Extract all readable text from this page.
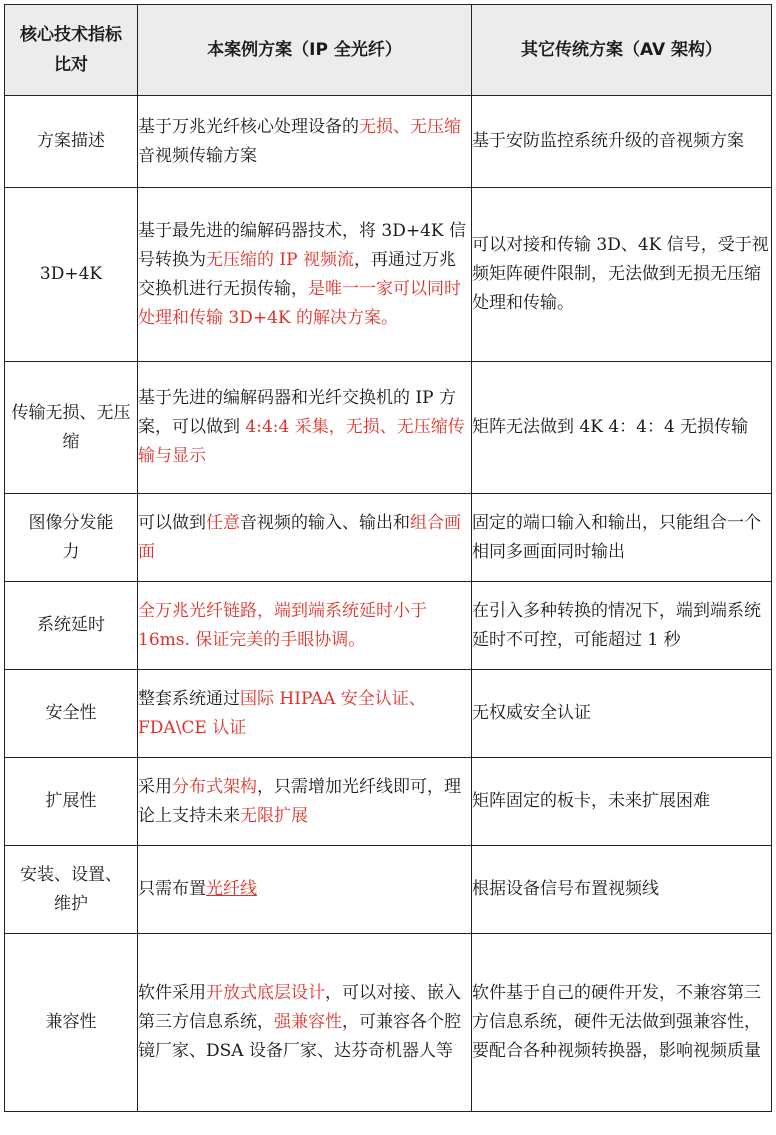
核心技术指标比对	本案例方案（IP 全光纤）	其它传统方案（AV 架构）
方案描述	基于万兆光纤核心处理设备的无损、无压缩音视频传输方案	基于安防监控系统升级的音视频方案
3D+4K	基于最先进的编解码器技术，将 3D+4K 信号转换为无压缩的 IP 视频流，再通过万兆交换机进行无损传输，是唯一一家可以同时处理和传输 3D+4K 的解决方案。	可以对接和传输 3D、4K 信号，受于视频矩阵硬件限制，无法做到无损无压缩处理和传输。
传输无损、无压缩	基于先进的编解码器和光纤交换机的 IP 方案，可以做到 4:4:4 采集，无损、无压缩传输与显示	矩阵无法做到 4K 4：4：4 无损传输
图像分发能力	可以做到任意音视频的输入、输出和组合画面	固定的端口输入和输出，只能组合一个相同多画面同时输出
系统延时	全万兆光纤链路，端到端系统延时小于 16ms. 保证完美的手眼协调。	在引入多种转换的情况下，端到端系统延时不可控，可能超过 1 秒
安全性	整套系统通过国际 HIPAA 安全认证、FDA\CE 认证	无权威安全认证
扩展性	采用分布式架构，只需增加光纤线即可，理论上支持未来无限扩展	矩阵固定的板卡，未来扩展困难
安装、设置、维护	只需布置光纤线	根据设备信号布置视频线
兼容性	软件采用开放式底层设计，可以对接、嵌入第三方信息系统，强兼容性，可兼容各个腔镜厂家、DSA 设备厂家、达芬奇机器人等	软件基于自己的硬件开发，不兼容第三方信息系统，硬件无法做到强兼容性，要配合各种视频转换器，影响视频质量
